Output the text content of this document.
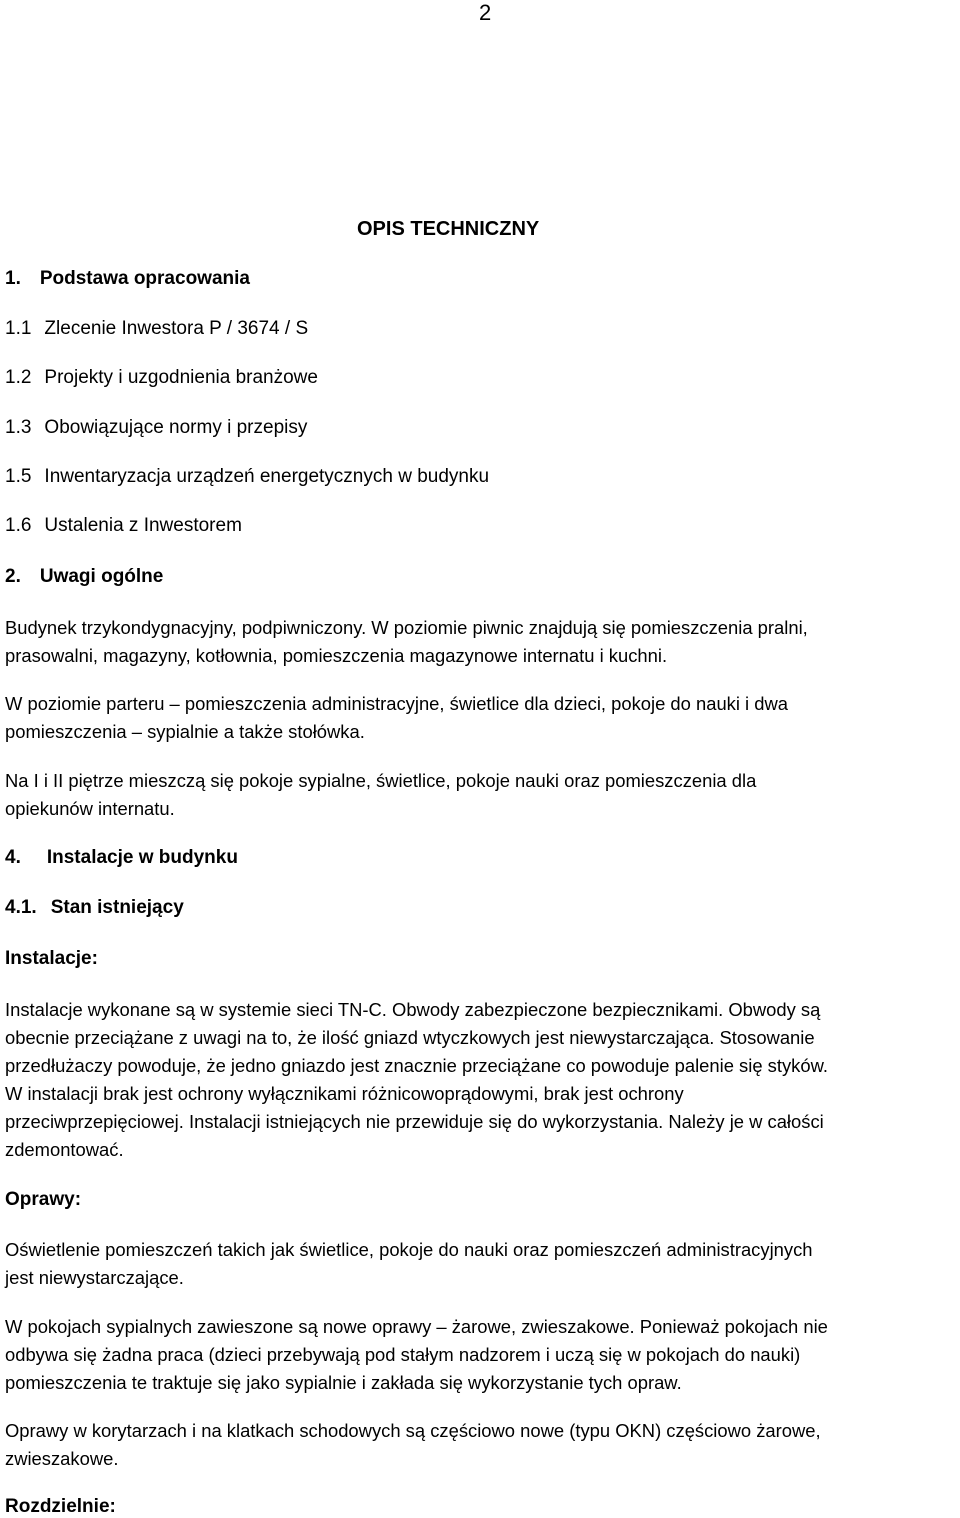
2
OPIS TECHNICZNY
1. Podstawa opracowania
1.1 Zlecenie Inwestora P / 3674 / S
1.2 Projekty i uzgodnienia branżowe
1.3 Obowiązujące normy i przepisy
1.5 Inwentaryzacja urządzeń energetycznych w budynku
1.6 Ustalenia z Inwestorem
2. Uwagi ogólne
Budynek trzykondygnacyjny, podpiwniczony. W poziomie piwnic znajdują się pomieszczenia pralni,
prasowalni, magazyny, kotłownia, pomieszczenia magazynowe internatu i kuchni.
W poziomie parteru – pomieszczenia administracyjne, świetlice dla dzieci, pokoje do nauki i dwa
pomieszczenia – sypialnie a także stołówka.
Na I i II piętrze mieszczą się pokoje sypialne, świetlice, pokoje nauki oraz pomieszczenia dla
opiekunów internatu.
4. Instalacje w budynku
4.1. Stan istniejący
Instalacje:
Instalacje wykonane są w systemie sieci TN-C. Obwody zabezpieczone bezpiecznikami. Obwody są
obecnie przeciążane z uwagi na to, że ilość gniazd wtyczkowych jest niewystarczająca. Stosowanie
przedłużaczy powoduje, że jedno gniazdo jest znacznie przeciążane co powoduje palenie się styków.
W instalacji brak jest ochrony wyłącznikami różnicowoprądowymi, brak jest ochrony
przeciwprzepięciowej. Instalacji istniejących nie przewiduje się do wykorzystania. Należy je w całości
zdemontować.
Oprawy:
Oświetlenie pomieszczeń takich jak świetlice, pokoje do nauki oraz pomieszczeń administracyjnych
jest niewystarczające.
W pokojach sypialnych zawieszone są nowe oprawy – żarowe, zwieszakowe. Ponieważ pokojach nie
odbywa się żadna praca (dzieci przebywają pod stałym nadzorem i uczą się w pokojach do nauki)
pomieszczenia te traktuje się jako sypialnie i zakłada się wykorzystanie tych opraw.
Oprawy w korytarzach i na klatkach schodowych są częściowo nowe (typu OKN) częściowo żarowe,
zwieszakowe.
Rozdzielnie:
